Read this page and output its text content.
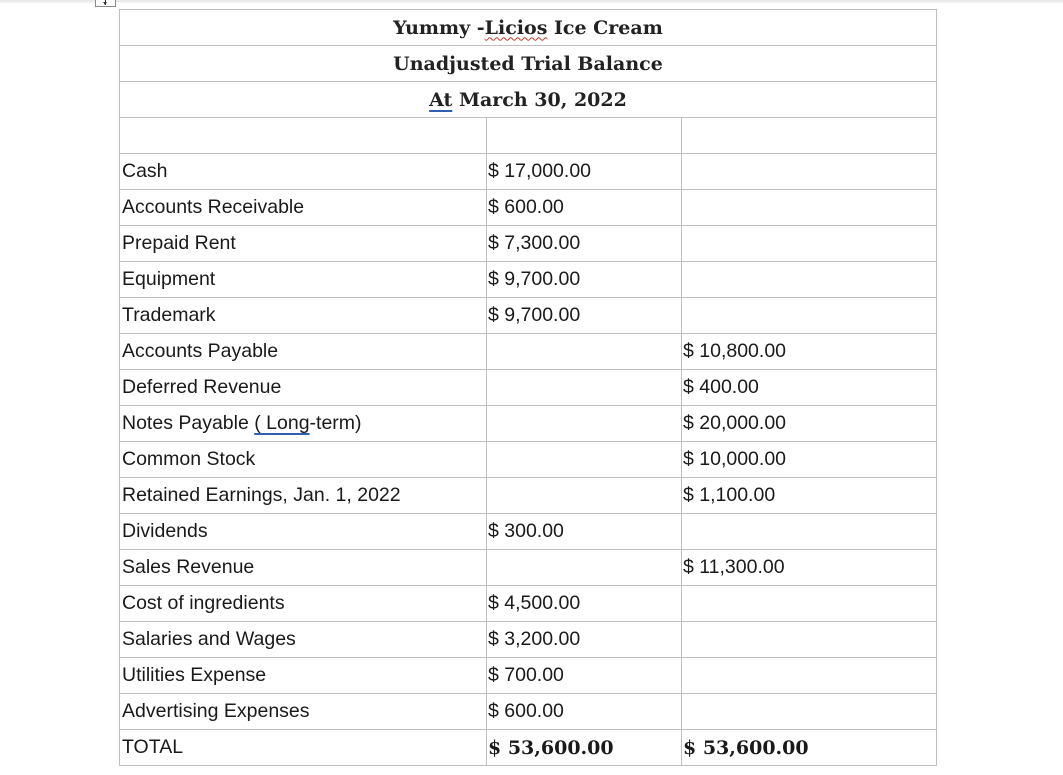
Yummy -Licios Ice Cream		
Unadjusted Trial Balance		
At March 30, 2022		

Cash	$ 17,000.00	
Accounts Receivable	$ 600.00	
Prepaid Rent	$ 7,300.00	
Equipment	$ 9,700.00	
Trademark	$ 9,700.00	
Accounts Payable		$ 10,800.00
Deferred Revenue		$ 400.00
Notes Payable ( Long-term)		$ 20,000.00
Common Stock		$ 10,000.00
Retained Earnings, Jan. 1, 2022		$ 1,100.00
Dividends	$ 300.00	
Sales Revenue		$ 11,300.00
Cost of ingredients	$ 4,500.00	
Salaries and Wages	$ 3,200.00	
Utilities Expense	$ 700.00	
Advertising Expenses	$ 600.00	
TOTAL	$ 53,600.00	$ 53,600.00
